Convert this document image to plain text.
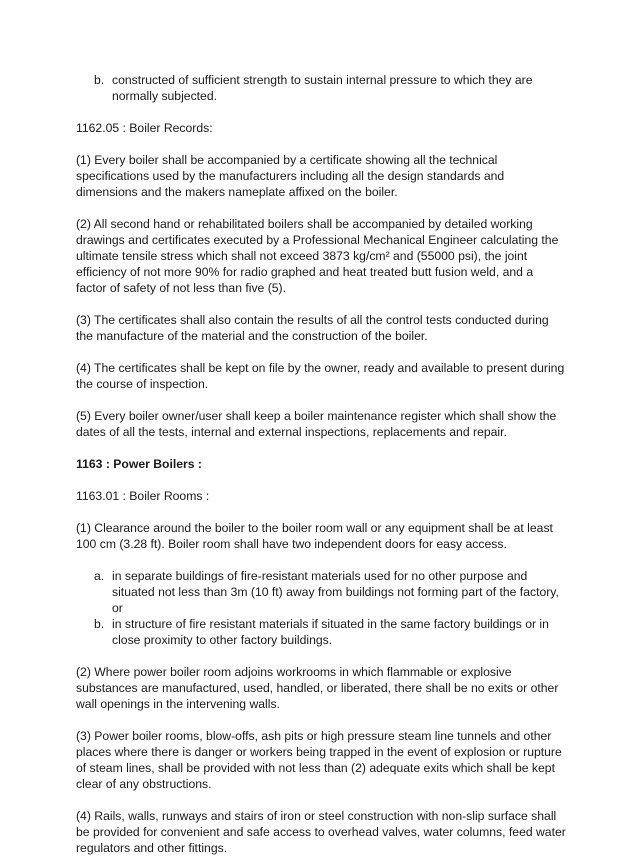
b. constructed of sufficient strength to sustain internal pressure to which they are normally subjected.

1162.05 : Boiler Records:

(1) Every boiler shall be accompanied by a certificate showing all the technical specifications used by the manufacturers including all the design standards and dimensions and the makers nameplate affixed on the boiler.

(2) All second hand or rehabilitated boilers shall be accompanied by detailed working drawings and certificates executed by a Professional Mechanical Engineer calculating the ultimate tensile stress which shall not exceed 3873 kg/cm² and (55000 psi), the joint efficiency of not more 90% for radio graphed and heat treated butt fusion weld, and a factor of safety of not less than five (5).

(3) The certificates shall also contain the results of all the control tests conducted during the manufacture of the material and the construction of the boiler.

(4) The certificates shall be kept on file by the owner, ready and available to present during the course of inspection.

(5) Every boiler owner/user shall keep a boiler maintenance register which shall show the dates of all the tests, internal and external inspections, replacements and repair.

1163 : Power Boilers :

1163.01 : Boiler Rooms :

(1) Clearance around the boiler to the boiler room wall or any equipment shall be at least 100 cm (3.28 ft). Boiler room shall have two independent doors for easy access.

a. in separate buildings of fire-resistant materials used for no other purpose and situated not less than 3m (10 ft) away from buildings not forming part of the factory, or
b. in structure of fire resistant materials if situated in the same factory buildings or in close proximity to other factory buildings.

(2) Where power boiler room adjoins workrooms in which flammable or explosive substances are manufactured, used, handled, or liberated, there shall be no exits or other wall openings in the intervening walls.

(3) Power boiler rooms, blow-offs, ash pits or high pressure steam line tunnels and other places where there is danger or workers being trapped in the event of explosion or rupture of steam lines, shall be provided with not less than (2) adequate exits which shall be kept clear of any obstructions.

(4) Rails, walls, runways and stairs of iron or steel construction with non-slip surface shall be provided for convenient and safe access to overhead valves, water columns, feed water regulators and other fittings.
